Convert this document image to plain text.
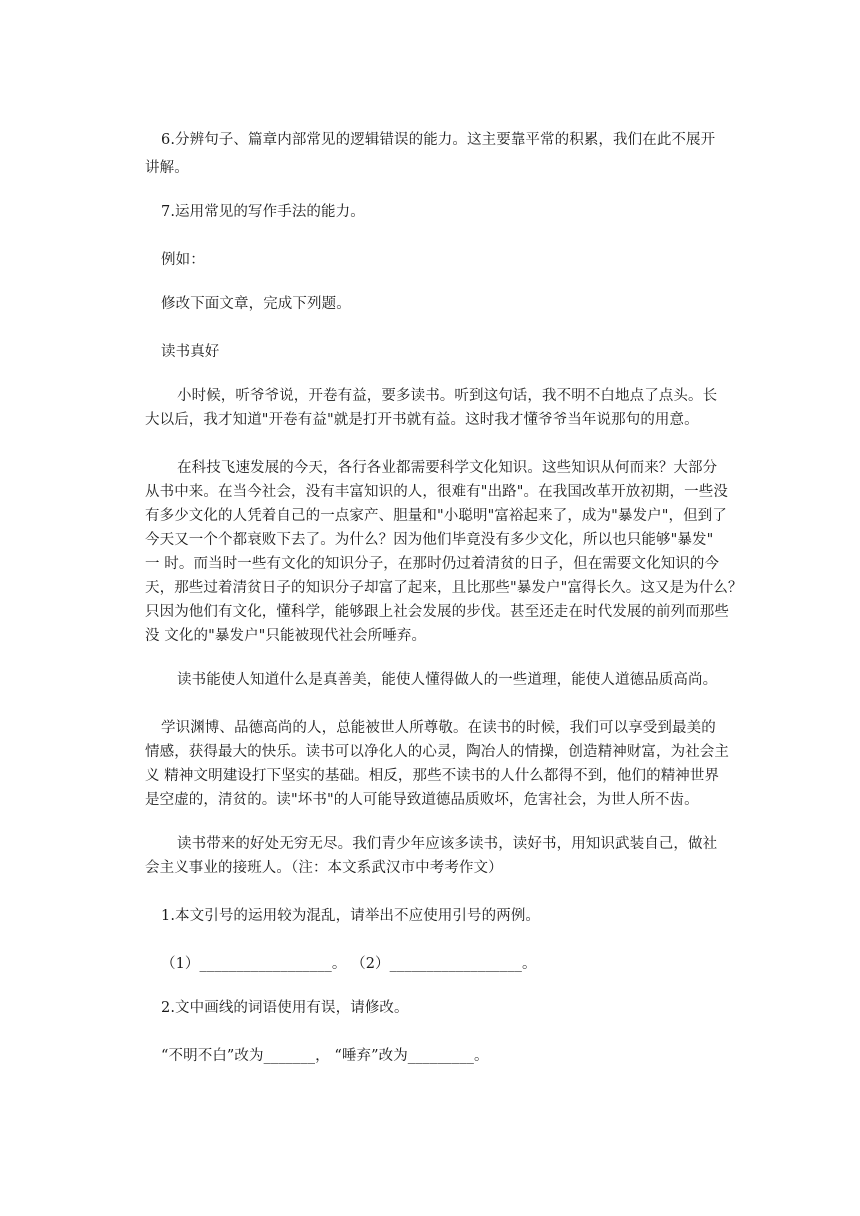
6.分辨句子、篇章内部常见的逻辑错误的能力。这主要靠平常的积累，我们在此不展开
讲解。
7.运用常见的写作手法的能力。
例如：
修改下面文章，完成下列题。
读书真好
小时候，听爷爷说，开卷有益，要多读书。听到这句话，我不明不白地点了点头。长
大以后，我才知道"开卷有益"就是打开书就有益。这时我才懂爷爷当年说那句的用意。
在科技飞速发展的今天，各行各业都需要科学文化知识。这些知识从何而来？大部分
从书中来。在当今社会，没有丰富知识的人，很难有"出路"。在我国改革开放初期，一些没
有多少文化的人凭着自己的一点家产、胆量和"小聪明"富裕起来了，成为"暴发户"，但到了
今天又一个个都衰败下去了。为什么？因为他们毕竟没有多少文化，所以也只能够"暴发"
一 时。而当时一些有文化的知识分子，在那时仍过着清贫的日子，但在需要文化知识的今
天，那些过着清贫日子的知识分子却富了起来，且比那些"暴发户"富得长久。这又是为什么？
只因为他们有文化，懂科学，能够跟上社会发展的步伐。甚至还走在时代发展的前列而那些
没 文化的"暴发户"只能被现代社会所唾弃。
读书能使人知道什么是真善美，能使人懂得做人的一些道理，能使人道德品质高尚。
学识渊博、品德高尚的人，总能被世人所尊敬。在读书的时候，我们可以享受到最美的
情感，获得最大的快乐。读书可以净化人的心灵，陶冶人的情操，创造精神财富，为社会主
义 精神文明建设打下坚实的基础。相反，那些不读书的人什么都得不到，他们的精神世界
是空虚的，清贫的。读"坏书"的人可能导致道德品质败坏，危害社会，为世人所不齿。
读书带来的好处无穷无尽。我们青少年应该多读书，读好书，用知识武装自己，做社
会主义事业的接班人。（注：本文系武汉市中考考作文）
1.本文引号的运用较为混乱，请举出不应使用引号的两例。
（1）__________________。 （2）__________________。
2.文中画线的词语使用有误，请修改。
“不明不白”改为_______， “唾弃”改为_________。
